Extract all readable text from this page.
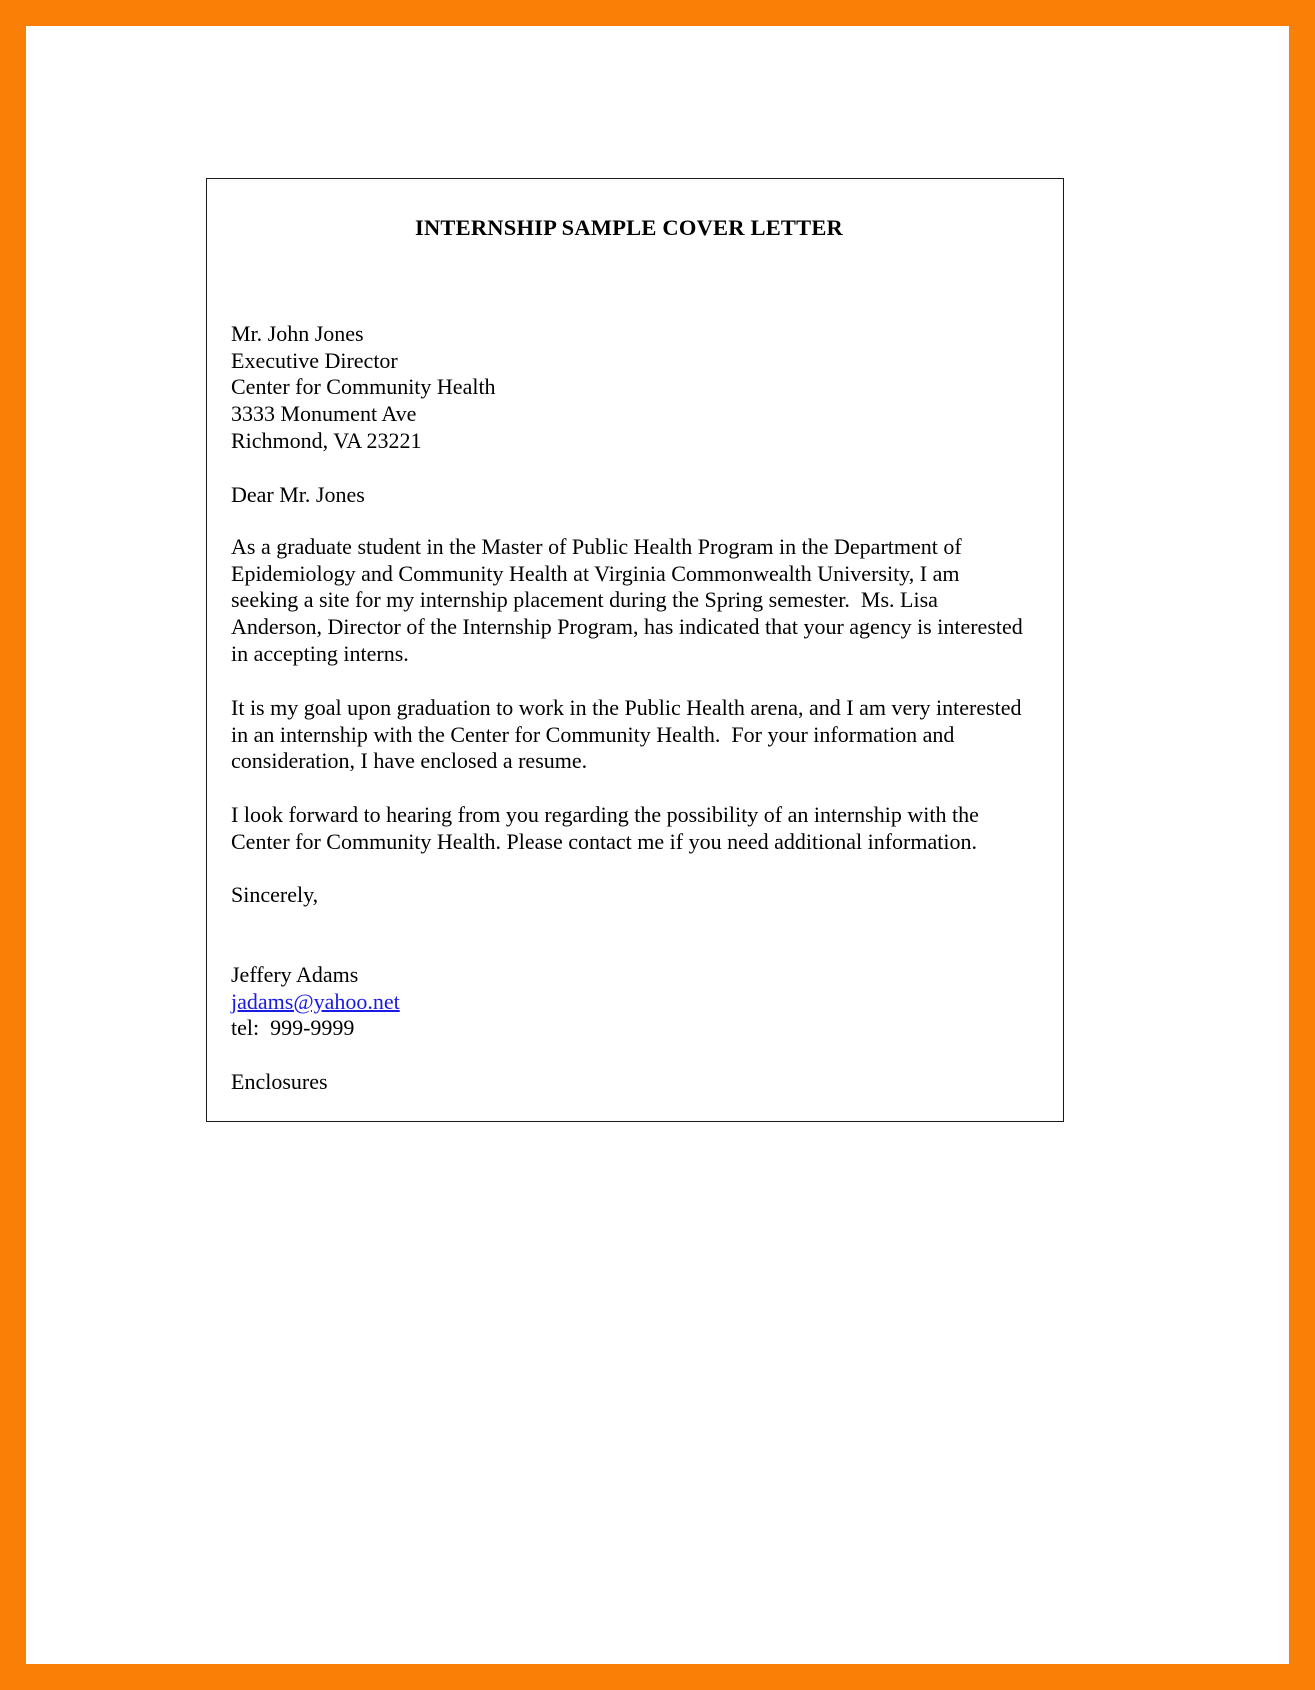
INTERNSHIP SAMPLE COVER LETTER
Mr. John Jones
Executive Director
Center for Community Health
3333 Monument Ave
Richmond, VA 23221
Dear Mr. Jones
As a graduate student in the Master of Public Health Program in the Department of
Epidemiology and Community Health at Virginia Commonwealth University, I am
seeking a site for my internship placement during the Spring semester.  Ms. Lisa
Anderson, Director of the Internship Program, has indicated that your agency is interested
in accepting interns.
It is my goal upon graduation to work in the Public Health arena, and I am very interested
in an internship with the Center for Community Health.  For your information and
consideration, I have enclosed a resume.
I look forward to hearing from you regarding the possibility of an internship with the
Center for Community Health. Please contact me if you need additional information.
Sincerely,
Jeffery Adams
jadams@yahoo.net
tel:  999-9999
Enclosures
